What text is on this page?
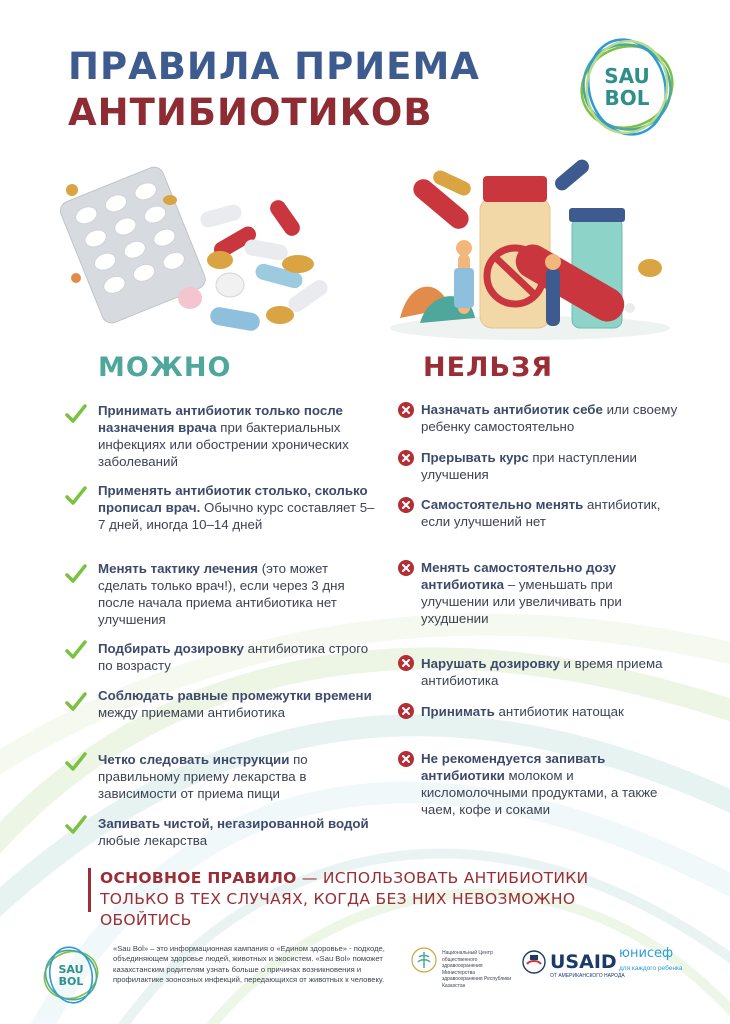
ПРАВИЛА ПРИЕМА
АНТИБИОТИКОВ
SAU
BOL
МОЖНО	НЕЛЬЗЯ
Принимать антибиотик только после назначения врача при бактериальных инфекциях или обострении хронических заболеваний
Применять антибиотик столько, сколько прописал врач. Обычно курс составляет 5–7 дней, иногда 10–14 дней
Менять тактику лечения (это может сделать только врач!), если через 3 дня после начала приема антибиотика нет улучшения
Подбирать дозировку антибиотика строго по возрасту
Соблюдать равные промежутки времени между приемами антибиотика
Четко следовать инструкции по правильному приему лекарства в зависимости от приема пищи
Запивать чистой, негазированной водой любые лекарства
Назначать антибиотик себе или своему ребенку самостоятельно
Прерывать курс при наступлении улучшения
Самостоятельно менять антибиотик, если улучшений нет
Менять самостоятельно дозу антибиотика – уменьшать при улучшении или увеличивать при ухудшении
Нарушать дозировку и время приема антибиотика
Принимать антибиотик натощак
Не рекомендуется запивать антибиотики молоком и кисломолочными продуктами, а также чаем, кофе и соками
ОСНОВНОЕ ПРАВИЛО — ИСПОЛЬЗОВАТЬ АНТИБИОТИКИ ТОЛЬКО В ТЕХ СЛУЧАЯХ, КОГДА БЕЗ НИХ НЕВОЗМОЖНО ОБОЙТИСЬ
SAU
BOL
«Sau Bol» – это информационная кампания о «Едином здоровье» - подходе, объединяющем здоровье людей, животных и экосистем. «Sau Bol» поможет казахстанским родителям узнать больше о причинах возникновения и профилактике зоонозных инфекций, передающихся от животных к человеку.
Национальный Центр общественного здравоохранения Министерства здравоохранения Республики Казахстан
USAID
ОТ АМЕРИКАНСКОГО НАРОДА
юнисеф
для каждого ребенка
